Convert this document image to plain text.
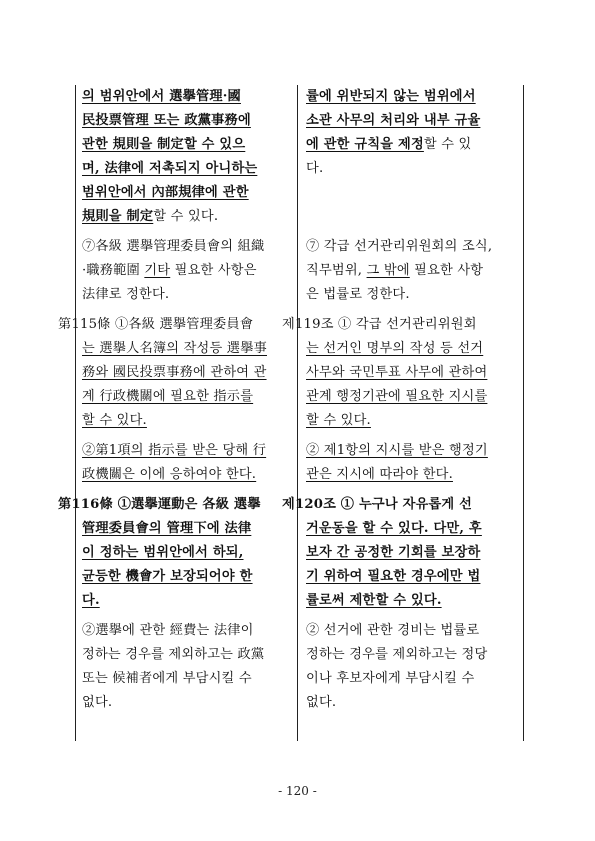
의 범위안에서 選擧管理·國
民投票管理 또는 政黨事務에
관한 規則을 制定할 수 있으
며, 法律에 저촉되지 아니하는
범위안에서 內部規律에 관한
規則을 制定할 수 있다.
⑦各級 選擧管理委員會의 組織
·職務範圍 기타 필요한 사항은
法律로 정한다.
第115條 ①各級 選擧管理委員會
는 選擧人名簿의 작성등 選擧事
務와 國民投票事務에 관하여 관
계 行政機關에 필요한 指示를
할 수 있다.
②第1項의 指示를 받은 당해 行
政機關은 이에 응하여야 한다.
第116條 ①選擧運動은 各級 選擧
管理委員會의 管理下에 法律
이 정하는 범위안에서 하되,
균등한 機會가 보장되어야 한
다.
②選擧에 관한 經費는 法律이
정하는 경우를 제외하고는 政黨
또는 候補者에게 부담시킬 수
없다.
률에 위반되지 않는 범위에서
소관 사무의 처리와 내부 규율
에 관한 규칙을 제정할 수 있
다.
⑦ 각급 선거관리위원회의 조식,
직무범위, 그 밖에 필요한 사항
은 법률로 정한다.
제119조 ① 각급 선거관리위원회
는 선거인 명부의 작성 등 선거
사무와 국민투표 사무에 관하여
관계 행정기관에 필요한 지시를
할 수 있다.
② 제1항의 지시를 받은 행정기
관은 지시에 따라야 한다.
제120조 ① 누구나 자유롭게 선
거운동을 할 수 있다. 다만, 후
보자 간 공정한 기회를 보장하
기 위하여 필요한 경우에만 법
률로써 제한할 수 있다.
② 선거에 관한 경비는 법률로
정하는 경우를 제외하고는 정당
이나 후보자에게 부담시킬 수
없다.
- 120 -
